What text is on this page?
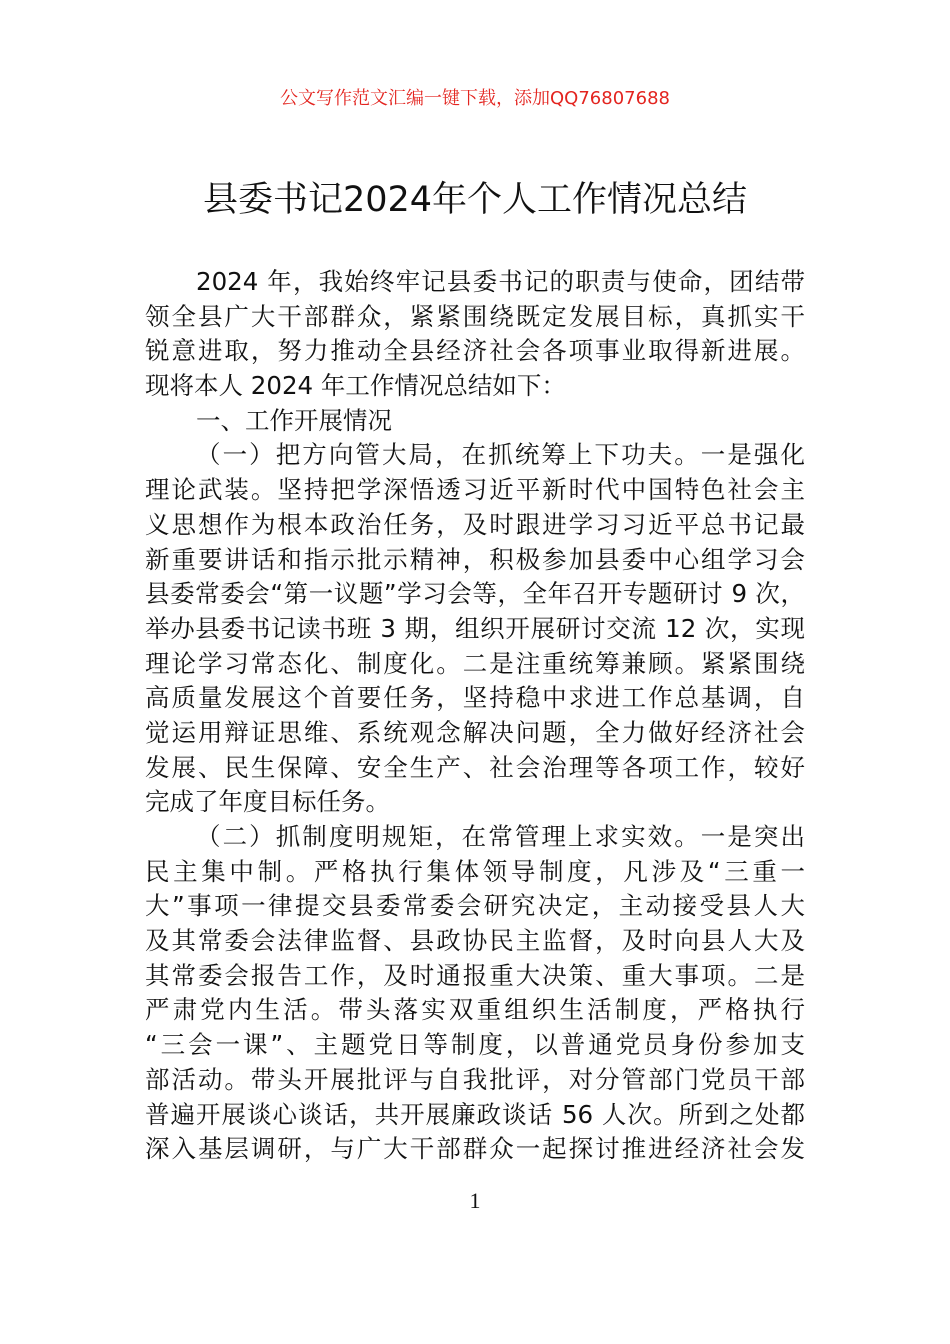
公文写作范文汇编一键下载，添加QQ76807688
县委书记2024年个人工作情况总结
2024 年，我始终牢记县委书记的职责与使命，团结带
领全县广大干部群众，紧紧围绕既定发展目标，真抓实干
锐意进取，努力推动全县经济社会各项事业取得新进展。
现将本人 2024 年工作情况总结如下：
一、工作开展情况
（一）把方向管大局，在抓统筹上下功夫。一是强化
理论武装。坚持把学深悟透习近平新时代中国特色社会主
义思想作为根本政治任务，及时跟进学习习近平总书记最
新重要讲话和指示批示精神，积极参加县委中心组学习会
县委常委会“第一议题”学习会等，全年召开专题研讨 9 次，
举办县委书记读书班 3 期，组织开展研讨交流 12 次，实现
理论学习常态化、制度化。二是注重统筹兼顾。紧紧围绕
高质量发展这个首要任务，坚持稳中求进工作总基调，自
觉运用辩证思维、系统观念解决问题，全力做好经济社会
发展、民生保障、安全生产、社会治理等各项工作，较好
完成了年度目标任务。
（二）抓制度明规矩，在常管理上求实效。一是突出
民主集中制。严格执行集体领导制度，凡涉及“三重一
大”事项一律提交县委常委会研究决定，主动接受县人大
及其常委会法律监督、县政协民主监督，及时向县人大及
其常委会报告工作，及时通报重大决策、重大事项。二是
严肃党内生活。带头落实双重组织生活制度，严格执行
“三会一课”、主题党日等制度，以普通党员身份参加支
部活动。带头开展批评与自我批评，对分管部门党员干部
普遍开展谈心谈话，共开展廉政谈话 56 人次。所到之处都
深入基层调研，与广大干部群众一起探讨推进经济社会发
1
